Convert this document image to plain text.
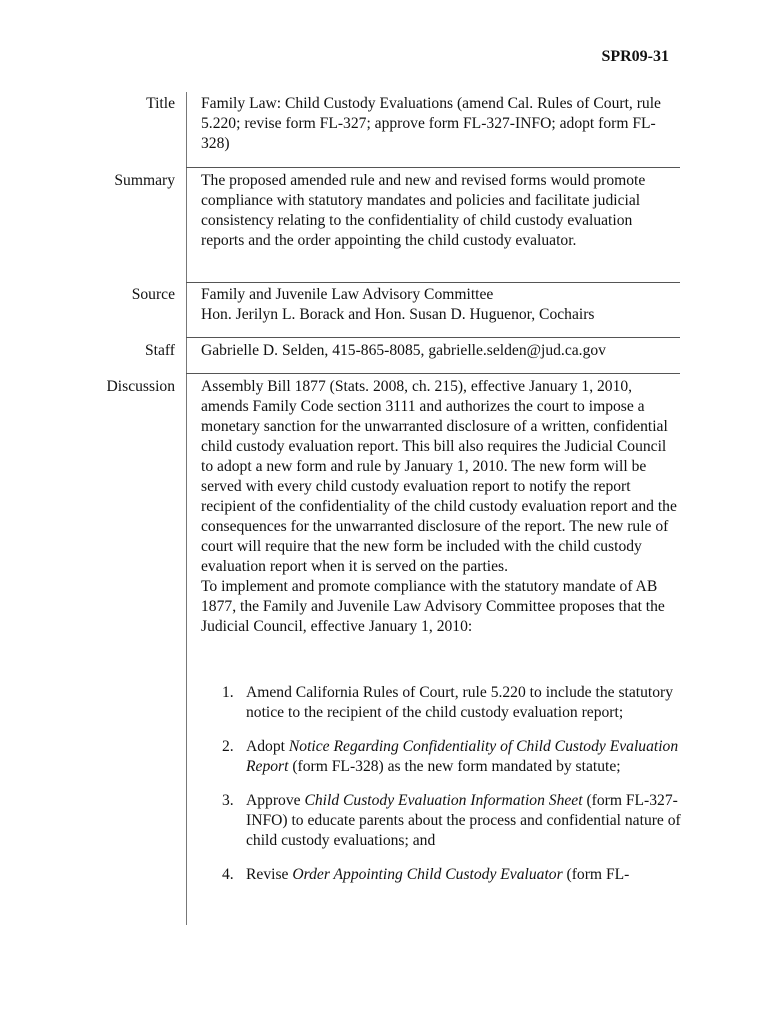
SPR09-31
Title Family Law: Child Custody Evaluations (amend Cal. Rules of Court, rule 5.220; revise form FL-327; approve form FL-327-INFO; adopt form FL-328)
Summary The proposed amended rule and new and revised forms would promote compliance with statutory mandates and policies and facilitate judicial consistency relating to the confidentiality of child custody evaluation reports and the order appointing the child custody evaluator.
Source Family and Juvenile Law Advisory Committee

Hon. Jerilyn L. Borack and Hon. Susan D. Huguenor, Cochairs

Staff Gabrielle D. Selden, 415-865-8085, gabrielle.selden@jud.ca.gov
Discussion Assembly Bill 1877 (Stats. 2008, ch. 215), effective January 1, 2010, amends Family Code section 3111 and authorizes the court to impose a monetary sanction for the unwarranted disclosure of a written, confidential child custody evaluation report. This bill also requires the Judicial Council to adopt a new form and rule by January 1, 2010. The new form will be served with every child custody evaluation report to notify the report recipient of the confidentiality of the child custody evaluation report and the consequences for the unwarranted disclosure of the report. The new rule of court will require that the new form be included with the child custody evaluation report when it is served on the parties.

To implement and promote compliance with the statutory mandate of AB 1877, the Family and Juvenile Law Advisory Committee proposes that the Judicial Council, effective January 1, 2010:

1. Amend California Rules of Court, rule 5.220 to include the statutory notice to the recipient of the child custody evaluation report;
2. Adopt Notice Regarding Confidentiality of Child Custody Evaluation Report (form FL-328) as the new form mandated by statute;
3. Approve Child Custody Evaluation Information Sheet (form FL-327-INFO) to educate parents about the process and confidential nature of child custody evaluations; and
4. Revise Order Appointing Child Custody Evaluator (form FL-
